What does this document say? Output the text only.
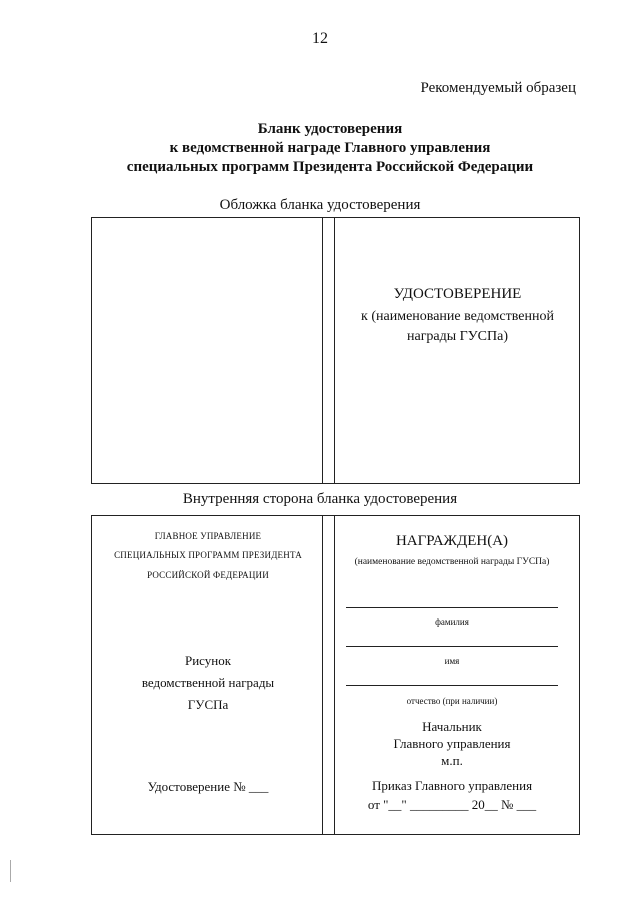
12
Рекомендуемый образец
Бланк удостоверения
к ведомственной награде Главного управления
специальных программ Президента Российской Федерации
Обложка бланка удостоверения
УДОСТОВЕРЕНИЕ
к (наименование ведомственной
награды ГУСПа)
Внутренняя сторона бланка удостоверения
ГЛАВНОЕ УПРАВЛЕНИЕ
СПЕЦИАЛЬНЫХ ПРОГРАММ ПРЕЗИДЕНТА
РОССИЙСКОЙ ФЕДЕРАЦИИ
Рисунок
ведомственной награды
ГУСПа
Удостоверение № ___
НАГРАЖДЕН(А)
(наименование ведомственной награды ГУСПа)
фамилия
имя
отчество (при наличии)
Начальник
Главного управления
м.п.
Приказ Главного управления
от "__" _________ 20__ № ___
